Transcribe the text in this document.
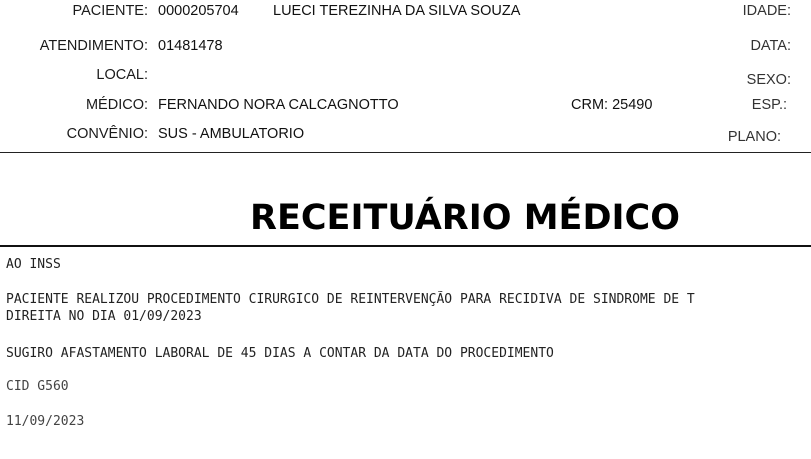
PACIENTE: 0000205704 LUECI TEREZINHA DA SILVA SOUZA	IDADE:
ATENDIMENTO: 01481478	DATA:
LOCAL:	SEXO:
MÉDICO: FERNANDO NORA CALCAGNOTTO	CRM: 25490	ESP.:
CONVÊNIO: SUS - AMBULATORIO	PLANO:
RECEITUÁRIO MÉDICO
AO INSS
PACIENTE REALIZOU PROCEDIMENTO CIRURGICO DE REINTERVENÇÃO PARA RECIDIVA DE SINDROME DE T
DIREITA NO DIA 01/09/2023
SUGIRO AFASTAMENTO LABORAL DE 45 DIAS A CONTAR DA DATA DO PROCEDIMENTO
CID G560
11/09/2023
